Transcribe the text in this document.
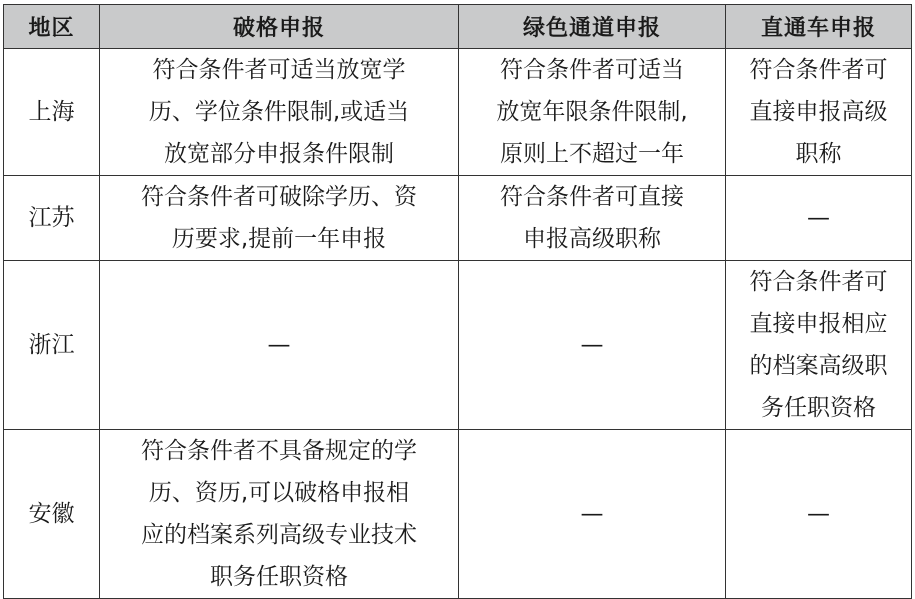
地区	破格申报	绿色通道申报	直通车申报

上海	符合条件者可适当放宽学
历、学位条件限制,或适当
放宽部分申报条件限制	符合条件者可适当
放宽年限条件限制,
原则上不超过一年	符合条件者可
直接申报高级
职称

江苏	符合条件者可破除学历、资
历要求,提前一年申报	符合条件者可直接
申报高级职称	—

浙江	—	—	符合条件者可
直接申报相应
的档案高级职
务任职资格

安徽	符合条件者不具备规定的学
历、资历,可以破格申报相
应的档案系列高级专业技术
职务任职资格	—	—
